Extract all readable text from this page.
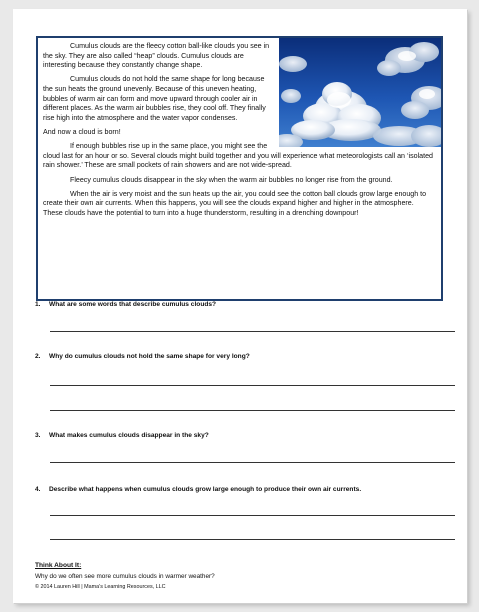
Cumulus clouds are the fleecy cotton ball-like clouds you see in the sky. They are also called “heap” clouds. Cumulus clouds are interesting because they constantly change shape.

Cumulus clouds do not hold the same shape for long because the sun heats the ground unevenly. Because of this uneven heating, bubbles of warm air can form and move upward through cooler air in different places. As the warm air bubbles rise, they cool off. They finally rise high into the atmosphere and the water vapor condenses.

And now a cloud is born!

If enough bubbles rise up in the same place, you might see the cloud last for an hour or so. Several clouds might build together and you will experience what meteorologists call an ‘isolated rain shower.’ These are small pockets of rain showers and are not wide-spread.

Fleecy cumulus clouds disappear in the sky when the warm air bubbles no longer rise from the ground.

When the air is very moist and the sun heats up the air, you could see the cotton ball clouds grow large enough to create their own air currents. When this happens, you will see the clouds expand higher and higher in the atmosphere. These clouds have the potential to turn into a huge thunderstorm, resulting in a drenching downpour!

1. What are some words that describe cumulus clouds?
2. Why do cumulus clouds not hold the same shape for very long?
3. What makes cumulus clouds disappear in the sky?
4. Describe what happens when cumulus clouds grow large enough to produce their own air currents.
Think About It:
Why do we often see more cumulus clouds in warmer weather?
© 2014 Lauren Hill | Mama’s Learning Resources, LLC
